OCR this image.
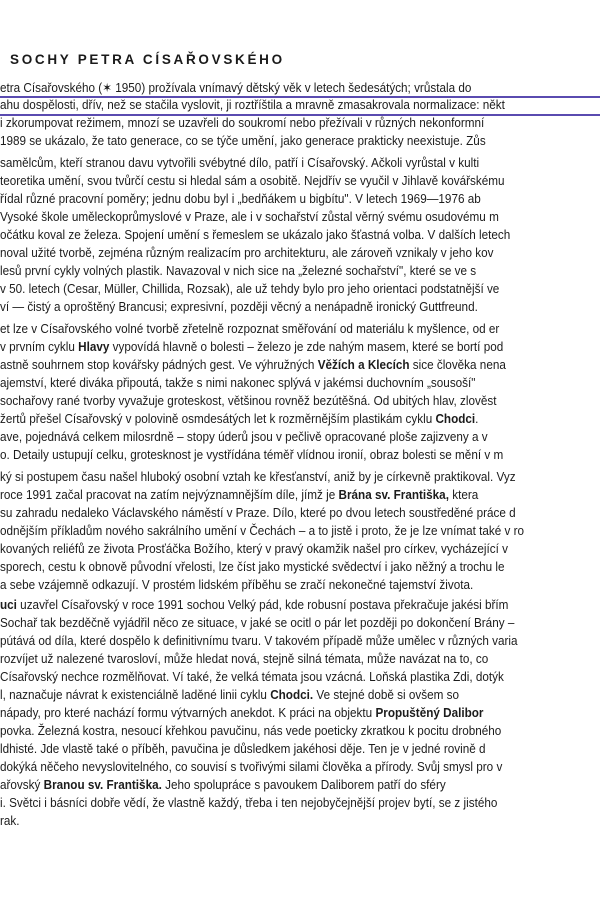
SOCHY PETRA CÍSAŘOVSKÉHO
etra Císařovského (✶ 1950) prožívala vnímavý dětský věk v letech šedesátých; vrůstala do
ahu dospělosti, dřív, než se stačila vyslovit, ji roztříštila a mravně zmasakrovala normalizace: někt
i zkorumpovat režimem, mnozí se uzavřeli do soukromí nebo přežívali v různých nekonformní
1989 se ukázalo, že tato generace, co se týče umění, jako generace prakticky neexistuje. Zůs
samělcům, kteří stranou davu vytvořili svébytné dílo, patří i Císařovský. Ačkoli vyrůstal v kulti
teoretika umění, svou tvůrčí cestu si hledal sám a osobitě. Nejdřív se vyučil v Jihlavě kovářskému
řídal různé pracovní poměry; jednu dobu byl i „bedňákem u bigbítu". V letech 1969—1976 ab
Vysoké škole uměleckoprůmyslové v Praze, ale i v sochařství zůstal věrný svému osudovému m
očátku koval ze železa. Spojení umění s řemeslem se ukázalo jako šťastná volba. V dalších letech
noval užité tvorbě, zejména různým realizacím pro architekturu, ale zároveň vznikaly v jeho kov
lesů první cykly volných plastik. Navazoval v nich sice na „železné sochařství", které se ve s
v 50. letech (Cesar, Müller, Chillida, Rozsak), ale už tehdy bylo pro jeho orientaci podstatnější ve
ví — čistý a oproštěný Brancusi; expresivní, později věcný a nenápadně ironický Guttfreund.
et lze v Císařovského volné tvorbě zřetelně rozpoznat směřování od materiálu k myšlence, od er
v prvním cyklu Hlavy vypovídá hlavně o bolesti – železo je zde nahým masem, které se bortí pod
astně souhrnem stop kovářsky pádných gest. Ve výhružných Věžích a Klecích sice člověka nena
ajemství, které diváka připoutá, takže s nimi nakonec splývá v jakémsi duchovním „sousoší"
sochařovy rané tvorby vyvažuje groteskost, většinou rovněž bezútěšná. Od ubitých hlav, zlověst
žertů přešel Císařovský v polovině osmdesátých let k rozměrnějším plastikám cyklu Chodci.
ave, pojednává celkem milosrdně – stopy úderů jsou v pečlivě opracované ploše zajizveny a v
o. Detaily ustupují celku, grotesknost je vystřídána téměř vlídnou ironií, obraz bolesti se mění v m
ký si postupem času našel hluboký osobní vztah ke křesťanství, aniž by je církevně praktikoval. Vyz
roce 1991 začal pracovat na zatím nejvýznamnějším díle, jímž je Brána sv. Františka, ktera
su zahradu nedaleko Václavského náměstí v Praze. Dílo, které po dvou letech soustředěné práce d
odnějším příkladům nového sakrálního umění v Čechách – a to jistě i proto, že je lze vnímat také v ro
kovaných reliéfů ze života Prosťáčka Božího, který v pravý okamžik našel pro církev, vycházející v
sporech, cestu k obnově původní vřelosti, lze číst jako mystické svědectví i jako něžný a trochu le
a sebe vzájemně odkazují. V prostém lidském příběhu se zračí nekonečné tajemství života.
uci uzavřel Císařovský v roce 1991 sochou Velký pád, kde robusní postava překračuje jakési břím
Sochař tak bezděčně vyjádřil něco ze situace, v jaké se ocitl o pár let později po dokončení Brány –
pútává od díla, které dospělo k definitivnímu tvaru. V takovém případě může umělec v různých varia
rozvíjet už nalezené tvarosloví, může hledat nová, stejně silná témata, může navázat na to, co
Císařovský nechce rozmělňovat. Ví také, že velká témata jsou vzácná. Loňská plastika Zdi, dotýk
l, naznačuje návrat k existenciálně laděné linii cyklu Chodci. Ve stejné době si ovšem so
nápady, pro které nachází formu výtvarných anekdot. K práci na objektu Propuštěný Dalibor
povka. Železná kostra, nesoucí křehkou pavučinu, nás vede poeticky zkratkou k pocitu drobného
ldhisté. Jde vlastě také o příběh, pavučina je důsledkem jakéhosi děje. Ten je v jedné rovině d
dokýká něčeho nevyslovitelného, co souvisí s tvořivými silami člověka a přírody. Svůj smysl pro v
ařovský Branou sv. Františka. Jeho spolupráce s pavoukem Daliborem patří do sféry
i. Světci i básníci dobře vědí, že vlastně každý, třeba i ten nejobyčejnější projev bytí, se z jistého
rak.
